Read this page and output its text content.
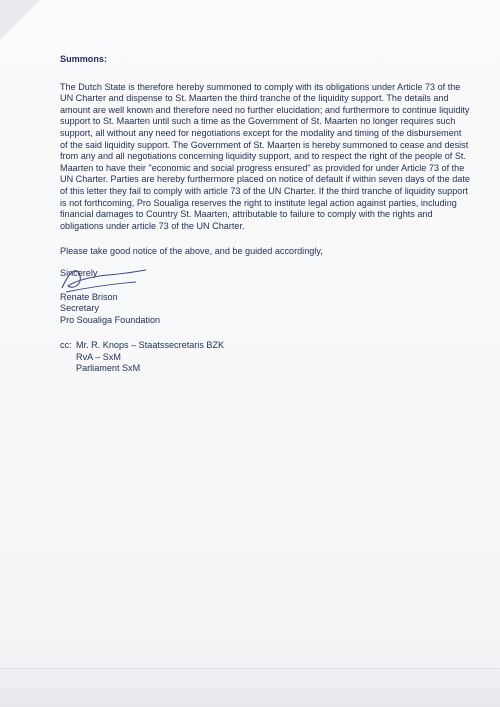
Summons:

The Dutch State is therefore hereby summoned to comply with its obligations under Article 73 of the UN Charter and dispense to St. Maarten the third tranche of the liquidity support. The details and amount are well known and therefore need no further elucidation; and furthermore to continue liquidity support to St. Maarten until such a time as the Government of St. Maarten no longer requires such support, all without any need for negotiations except for the modality and timing of the disbursement of the said liquidity support. The Government of St. Maarten is hereby summoned to cease and desist from any and all negotiations concerning liquidity support, and to respect the right of the people of St. Maarten to have their "economic and social progress ensured" as provided for under Article 73 of the UN Charter. Parties are hereby furthermore placed on notice of default if within seven days of the date of this letter they fail to comply with article 73 of the UN Charter. If the third tranche of liquidity support is not forthcoming, Pro Soualiga reserves the right to institute legal action against parties, including financial damages to Country St. Maarten, attributable to failure to comply with the rights and obligations under article 73 of the UN Charter.

Please take good notice of the above, and be guided accordingly,

Sincerely
Renate Brison
Secretary
Pro Soualiga Foundation
cc: Mr. R. Knops – Staatssecretaris BZK
RvA – SxM
Parliament SxM
